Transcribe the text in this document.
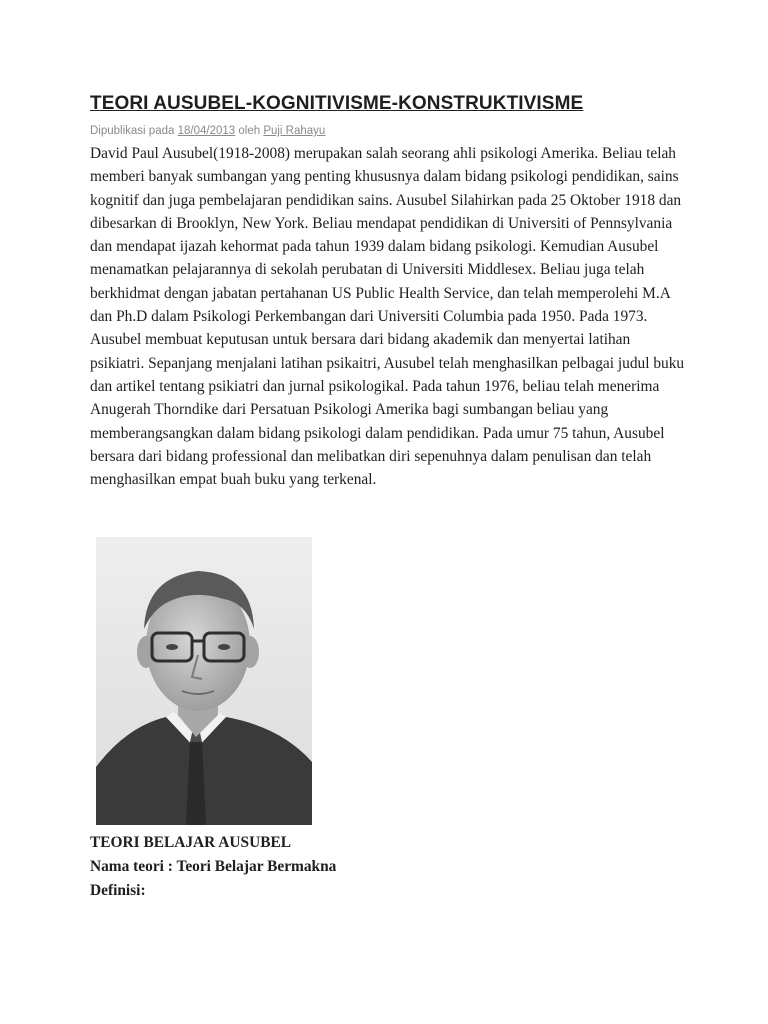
TEORI AUSUBEL-KOGNITIVISME-KONSTRUKTIVISME
Dipublikasi pada 18/04/2013 oleh Puji Rahayu

David Paul Ausubel(1918-2008) merupakan salah seorang ahli psikologi Amerika. Beliau telah memberi banyak sumbangan yang penting khususnya dalam bidang psikologi pendidikan, sains kognitif dan juga pembelajaran pendidikan sains. Ausubel Silahirkan pada 25 Oktober 1918 dan dibesarkan di Brooklyn, New York. Beliau mendapat pendidikan di Universiti of Pennsylvania dan mendapat ijazah kehormat pada tahun 1939 dalam bidang psikologi. Kemudian Ausubel menamatkan pelajarannya di sekolah perubatan di Universiti Middlesex. Beliau juga telah berkhidmat dengan jabatan pertahanan US Public Health Service, dan telah memperolehi M.A dan Ph.D dalam Psikologi Perkembangan dari Universiti Columbia pada 1950. Pada 1973. Ausubel membuat keputusan untuk bersara dari bidang akademik dan menyertai latihan psikiatri. Sepanjang menjalani latihan psikaitri, Ausubel telah menghasilkan pelbagai judul buku dan artikel tentang psikiatri dan jurnal psikologikal. Pada tahun 1976, beliau telah menerima Anugerah Thorndike dari Persatuan Psikologi Amerika bagi sumbangan beliau yang memberangsangkan dalam bidang psikologi dalam pendidikan. Pada umur 75 tahun, Ausubel bersara dari bidang professional dan melibatkan diri sepenuhnya dalam penulisan dan telah menghasilkan empat buah buku yang terkenal.

TEORI BELAJAR AUSUBEL
Nama teori : Teori Belajar Bermakna
Definisi:
